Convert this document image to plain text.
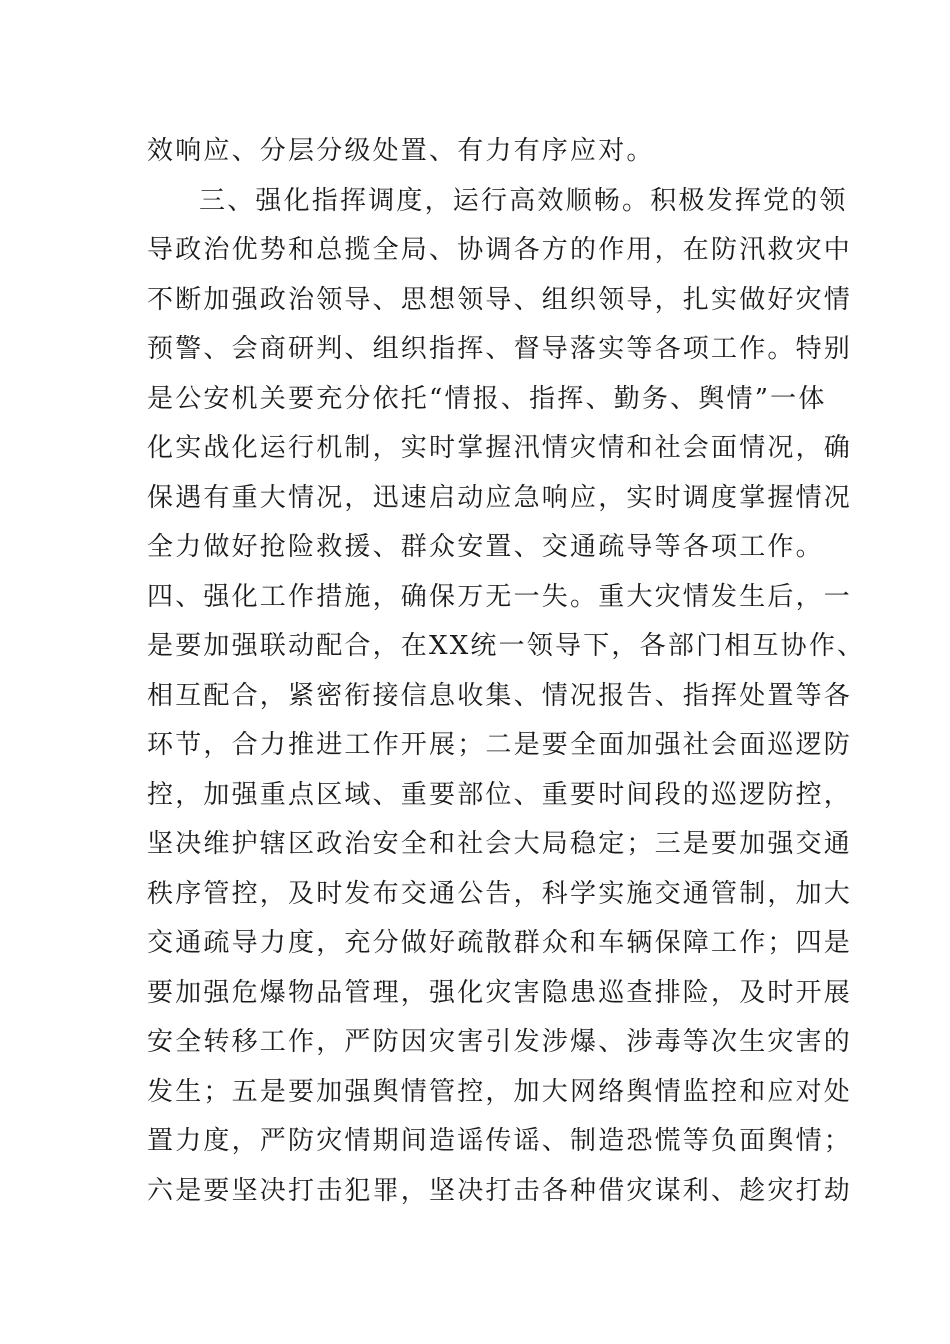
效响应、分层分级处置、有力有序应对。
三、强化指挥调度，运行高效顺畅。积极发挥党的领
导政治优势和总揽全局、协调各方的作用，在防汛救灾中
不断加强政治领导、思想领导、组织领导，扎实做好灾情
预警、会商研判、组织指挥、督导落实等各项工作。特别
是公安机关要充分依托“情报、指挥、勤务、舆情”一体
化实战化运行机制，实时掌握汛情灾情和社会面情况，确
保遇有重大情况，迅速启动应急响应，实时调度掌握情况
全力做好抢险救援、群众安置、交通疏导等各项工作。
四、强化工作措施，确保万无一失。重大灾情发生后，一
是要加强联动配合，在XX统一领导下，各部门相互协作、
相互配合，紧密衔接信息收集、情况报告、指挥处置等各
环节，合力推进工作开展；二是要全面加强社会面巡逻防
控，加强重点区域、重要部位、重要时间段的巡逻防控，
坚决维护辖区政治安全和社会大局稳定；三是要加强交通
秩序管控，及时发布交通公告，科学实施交通管制，加大
交通疏导力度，充分做好疏散群众和车辆保障工作；四是
要加强危爆物品管理，强化灾害隐患巡查排险，及时开展
安全转移工作，严防因灾害引发涉爆、涉毒等次生灾害的
发生；五是要加强舆情管控，加大网络舆情监控和应对处
置力度，严防灾情期间造谣传谣、制造恐慌等负面舆情；
六是要坚决打击犯罪，坚决打击各种借灾谋利、趁灾打劫
